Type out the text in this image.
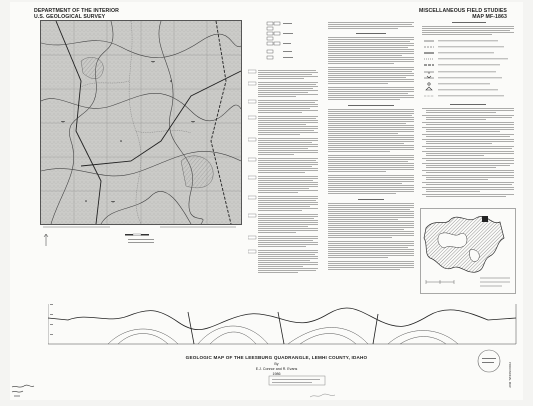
DEPARTMENT OF THE INTERIOR
U.S. GEOLOGICAL SURVEY
MISCELLANEOUS FIELD STUDIES
MAP MF-1863
GEOLOGIC MAP OF THE LEESBURG QUADRANGLE, LEMHI COUNTY, IDAHO
By
E.J. Connor and R. Evans
1986	PROVISIONAL MAP
